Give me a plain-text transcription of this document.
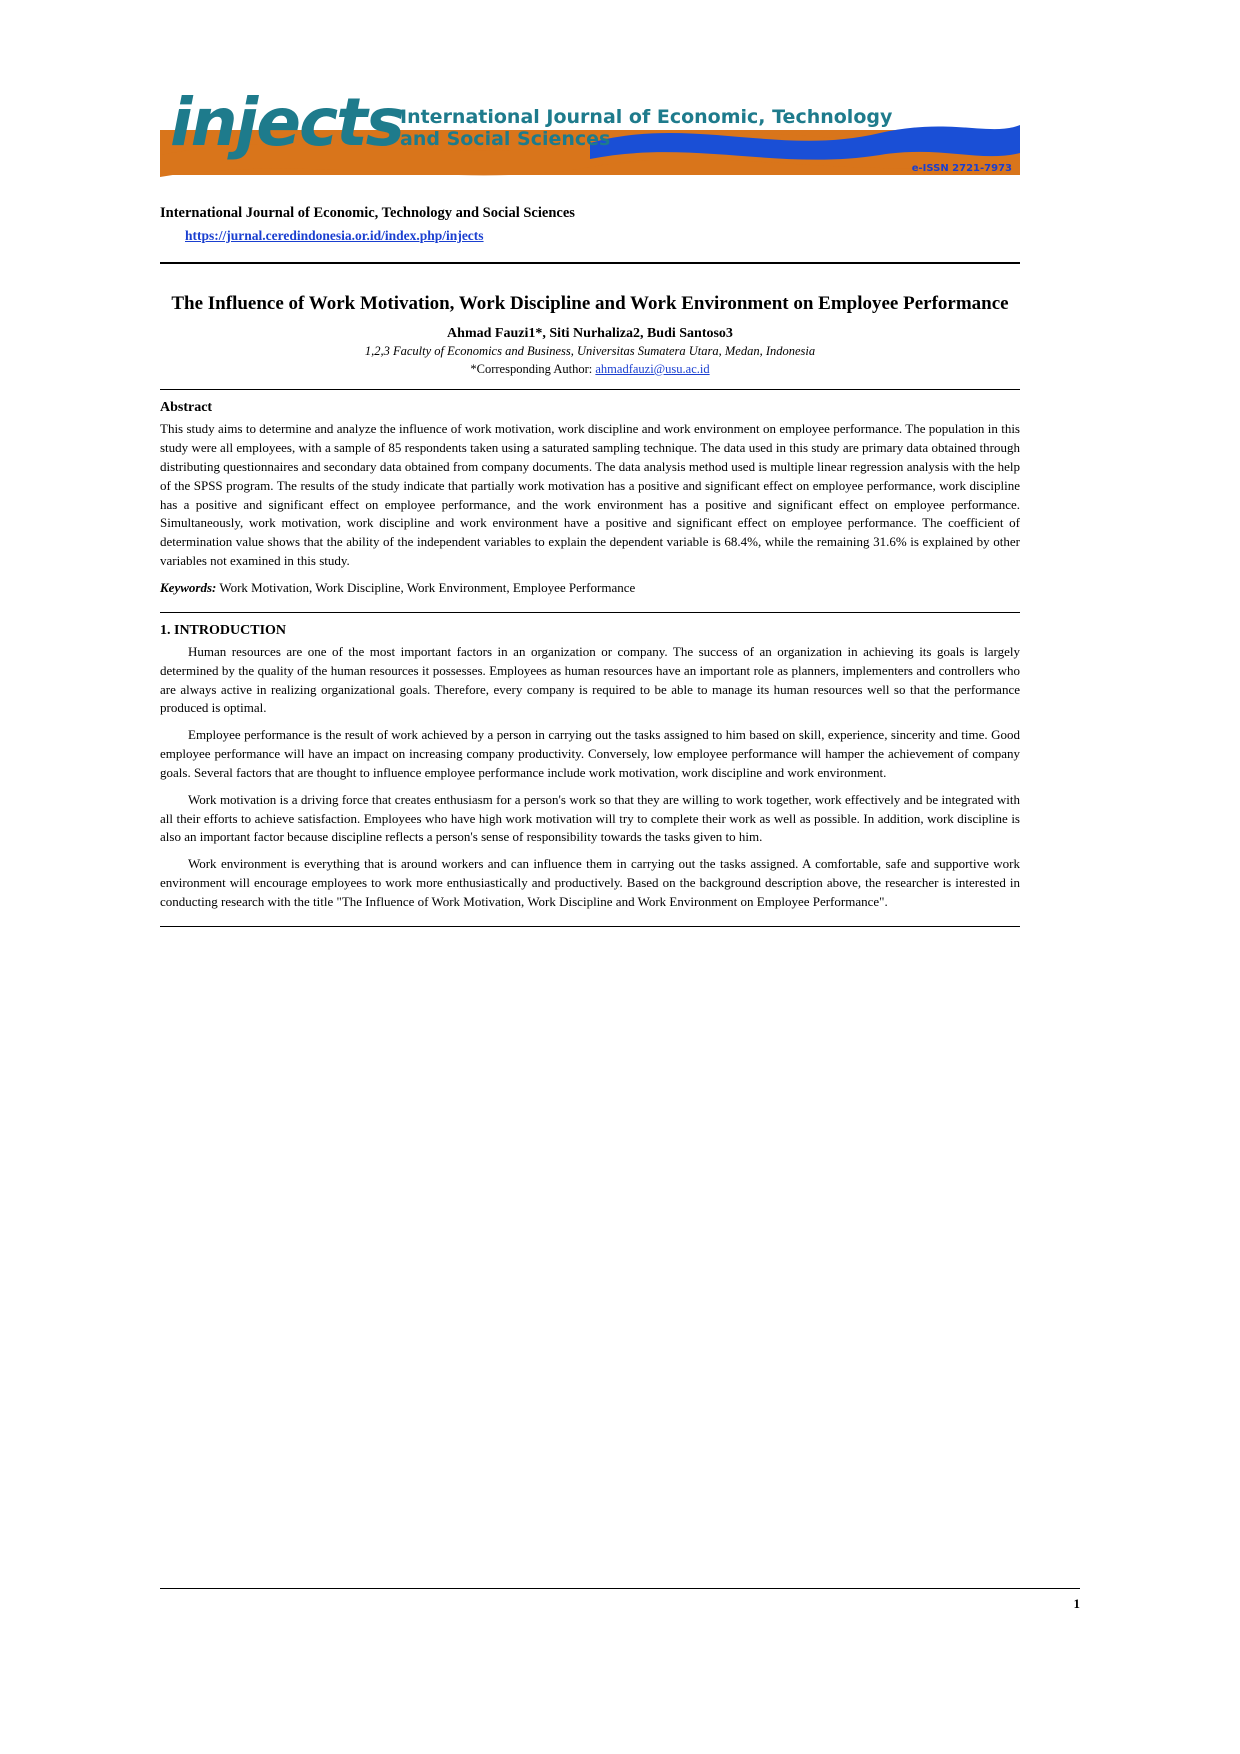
injects
International Journal of Economic, Technology and Social Sciences
e-ISSN 2721-7973
International Journal of Economic, Technology and Social Sciences
https://jurnal.ceredindonesia.or.id/index.php/injects
The Influence of Work Motivation, Work Discipline and Work Environment on Employee Performance
Ahmad Fauzi1*, Siti Nurhaliza2, Budi Santoso3
1,2,3 Faculty of Economics and Business, Universitas Sumatera Utara, Medan, Indonesia
*Corresponding Author: ahmadfauzi@usu.ac.id
Abstract
This study aims to determine and analyze the influence of work motivation, work discipline and work environment on employee performance. The population in this study were all employees, with a sample of 85 respondents taken using a saturated sampling technique. The data used in this study are primary data obtained through distributing questionnaires and secondary data obtained from company documents. The data analysis method used is multiple linear regression analysis with the help of the SPSS program. The results of the study indicate that partially work motivation has a positive and significant effect on employee performance, work discipline has a positive and significant effect on employee performance, and the work environment has a positive and significant effect on employee performance. Simultaneously, work motivation, work discipline and work environment have a positive and significant effect on employee performance. The coefficient of determination value shows that the ability of the independent variables to explain the dependent variable is 68.4%, while the remaining 31.6% is explained by other variables not examined in this study.
Keywords: Work Motivation, Work Discipline, Work Environment, Employee Performance
1. INTRODUCTION
Human resources are one of the most important factors in an organization or company. The success of an organization in achieving its goals is largely determined by the quality of the human resources it possesses. Employees as human resources have an important role as planners, implementers and controllers who are always active in realizing organizational goals. Therefore, every company is required to be able to manage its human resources well so that the performance produced is optimal.
Employee performance is the result of work achieved by a person in carrying out the tasks assigned to him based on skill, experience, sincerity and time. Good employee performance will have an impact on increasing company productivity. Conversely, low employee performance will hamper the achievement of company goals. Several factors that are thought to influence employee performance include work motivation, work discipline and work environment.
Work motivation is a driving force that creates enthusiasm for a person's work so that they are willing to work together, work effectively and be integrated with all their efforts to achieve satisfaction. Employees who have high work motivation will try to complete their work as well as possible. In addition, work discipline is also an important factor because discipline reflects a person's sense of responsibility towards the tasks given to him.
Work environment is everything that is around workers and can influence them in carrying out the tasks assigned. A comfortable, safe and supportive work environment will encourage employees to work more enthusiastically and productively. Based on the background description above, the researcher is interested in conducting research with the title "The Influence of Work Motivation, Work Discipline and Work Environment on Employee Performance".
1
